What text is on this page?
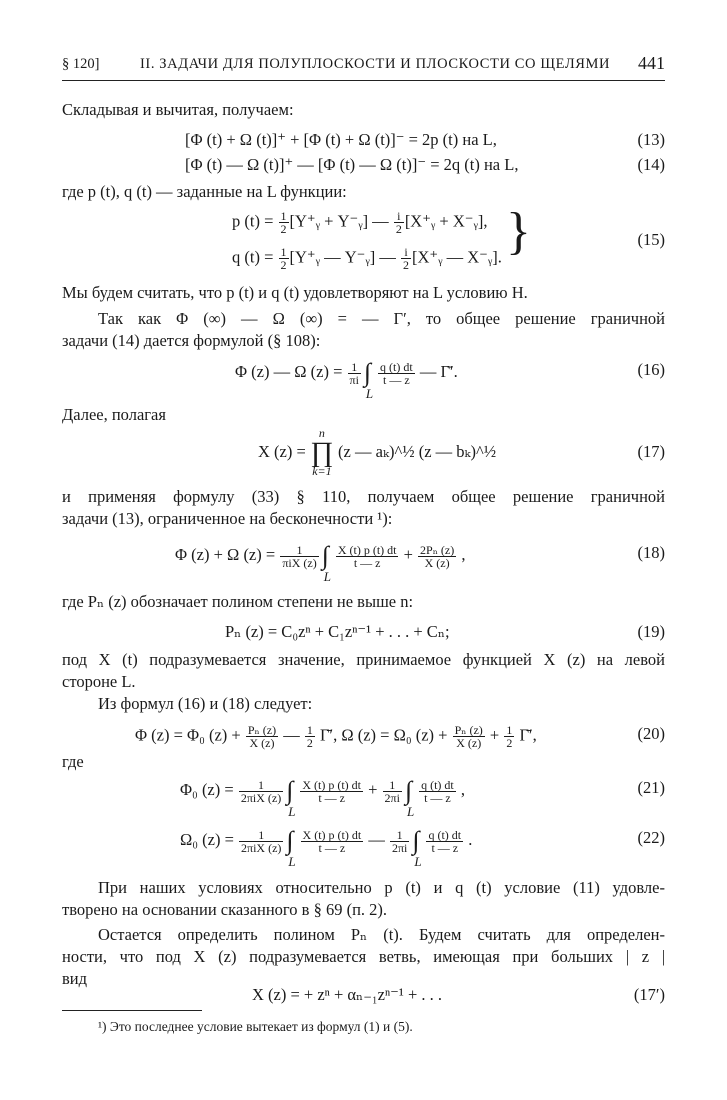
§ 120]	II. ЗАДАЧИ ДЛЯ ПОЛУПЛОСКОСТИ И ПЛОСКОСТИ СО ЩЕЛЯМИ 441
Складывая и вычитая, получаем:
[Φ (t) + Ω (t)]⁺ + [Φ (t) + Ω (t)]⁻ = 2p (t) на L,	(13)
[Φ (t) — Ω (t)]⁺ — [Φ (t) — Ω (t)]⁻ = 2q (t) на L,	(14)
где p (t), q (t) — заданные на L функции:
p $(t) = \frac{1}{2}$ [Y⁺ᵧ + Y⁻ᵧ] — $\frac{i}{2}$ [X⁺ᵧ + X⁻ᵧ],
q $(t) = \frac{1}{2}$ [Y⁺ᵧ — Y⁻ᵧ] — $\frac{i}{2}$ [X⁺ᵧ — X⁻ᵧ]. }	(15)
Мы будем считать, что p (t) и q (t) удовлетворяют на L условию H.
Так как Φ (∞) — Ω (∞) = — Γ′, то общее решение граничной
задачи (14) дается формулой (§ 108):
Φ (z) — Ω $(z) = \frac{1}{\pi i}$ ∫
L
$\frac{q (t) dt}{t — z}$ — Γ̄′.	(16)
Далее, полагая
X (z) =
n
∏
k=1
(z — aₖ)^½ (z — bₖ)^½	(17)
и применяя формулу (33) § 110, получаем общее решение граничной
задачи (13), ограниченное на бесконечности ¹):
Φ (z) + Ω (z) =	1
πiX (z) ∫
L
$\frac{X (t) p (t) dt}{t — z} + \frac{\text{2Pₙ (z)}}{X (z)}$ ,	(18)
где Pₙ (z) обозначает полином степени не выше n:
Pₙ (z) = C₀zⁿ + C₁zⁿ⁻¹ + . . . + Cₙ;	(19)
под X (t) подразумевается значение, принимаемое функцией X (z) на левой
стороне L.
Из формул (16) и (18) следует:
Φ (z) = Φ₀ $(z) + \frac{\text{Pₙ (z)}}{X (z)}$ — $\frac{1}{2}$ Γ̄′, Ω (z) = Ω₀ $(z) + \frac{\text{Pₙ (z)}}{X (z)} + \frac{1}{2}$ Γ̄′,	(20)
где
Φ₀ (z) =	1
2πiX (z) ∫
L
$\frac{X (t) p (t) dt}{t — z} + \frac{1}{2\pi i}$ ∫
L
$\frac{q (t) dt}{t — z}$ ,	(21)
Ω₀ (z) =	1
2πiX (z) ∫
L
$\frac{X (t) p (t) dt}{t — z}$ — $\frac{1}{2\pi i}$ ∫
L
$\frac{q (t) dt}{t — z}$ .	(22)
При наших условиях относительно p (t) и q (t) условие (11) удовле-
творено на основании сказанного в § 69 (п. 2).
Остается определить полином Pₙ (t). Будем считать для определен-
ности, что под X (z) подразумевается ветвь, имеющая при больших | z |
вид
X (z) = + zⁿ + αₙ₋₁zⁿ⁻¹ + . . .	(17′)
¹) Это последнее условие вытекает из формул (1) и (5).
